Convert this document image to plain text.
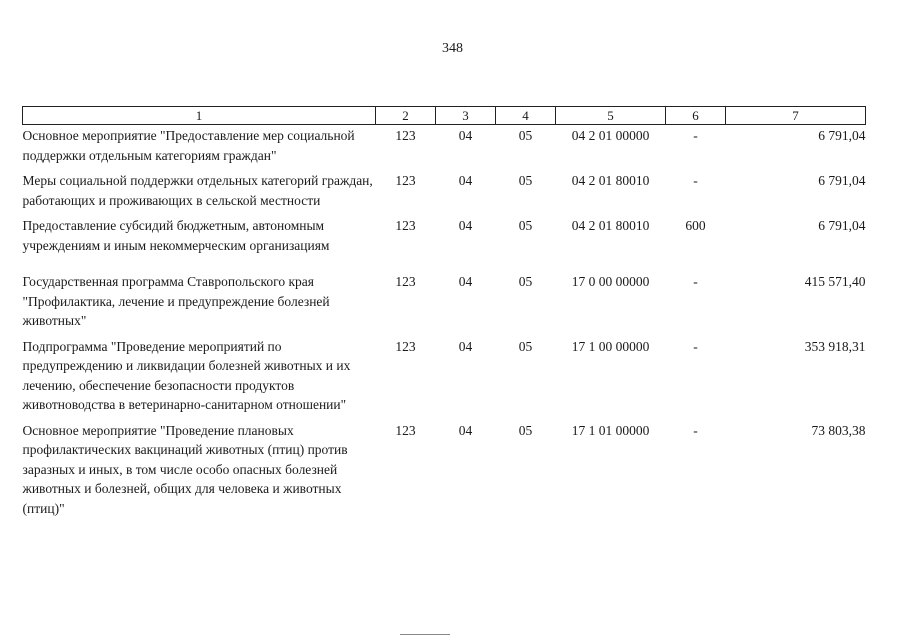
348
1	2	3	4	5	6	7
Основное мероприятие "Предоставление мер социальной поддержки отдельным категориям граждан"	123	04	05	04 2 01 00000	-	6 791,04
Меры социальной поддержки отдельных категорий граждан, работающих и проживающих в сельской местности	123	04	05	04 2 01 80010	-	6 791,04
Предоставление субсидий бюджетным, автономным учреждениям и иным некоммерческим организациям	123	04	05	04 2 01 80010	600	6 791,04
Государственная программа Ставропольского края "Профилактика, лечение и предупреждение болезней животных"	123	04	05	17 0 00 00000	-	415 571,40
Подпрограмма "Проведение мероприятий по предупреждению и ликвидации болезней животных и их лечению, обеспечение безопасности продуктов животноводства в ветеринарно-санитарном отношении"	123	04	05	17 1 00 00000	-	353 918,31
Основное мероприятие "Проведение плановых профилактических вакцинаций животных (птиц) против заразных и иных, в том числе особо опасных болезней животных и болезней, общих для человека и животных (птиц)"	123	04	05	17 1 01 00000	-	73 803,38
